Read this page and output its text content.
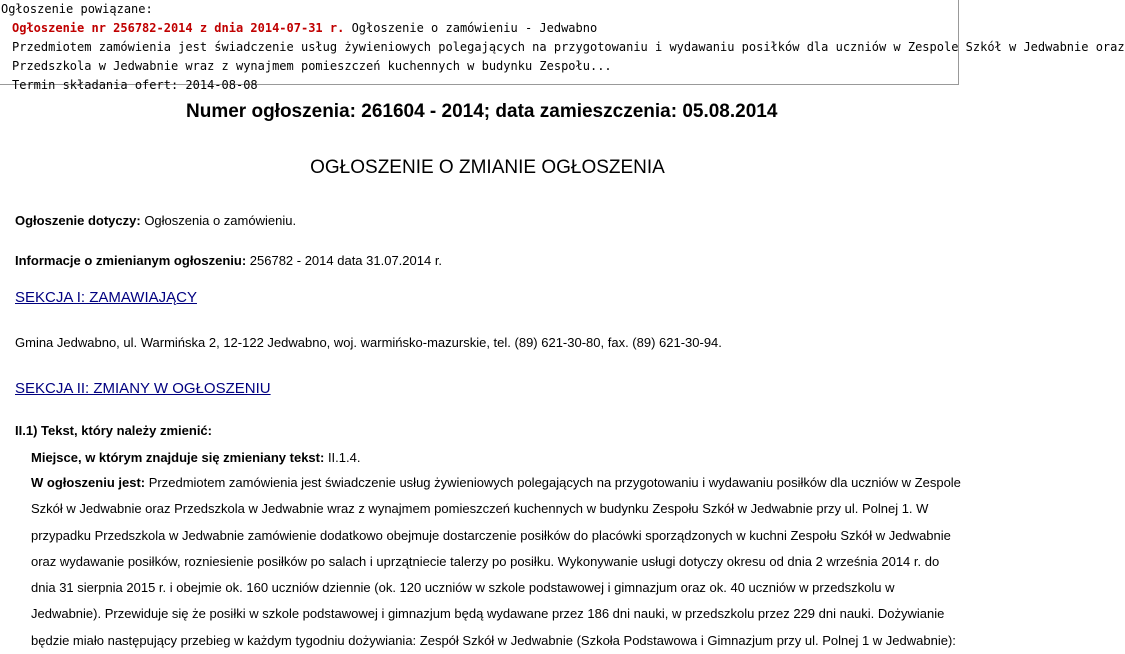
Ogłoszenie powiązane:
Ogłoszenie nr 256782-2014 z dnia 2014-07-31 r. Ogłoszenie o zamówieniu - Jedwabno
Przedmiotem zamówienia jest świadczenie usług żywieniowych polegających na przygotowaniu i wydawaniu posiłków dla uczniów w Zespole Szkół w Jedwabnie oraz
Przedszkola w Jedwabnie wraz z wynajmem pomieszczeń kuchennych w budynku Zespołu...
Termin składania ofert: 2014-08-08
Numer ogłoszenia: 261604 - 2014; data zamieszczenia: 05.08.2014
OGŁOSZENIE O ZMIANIE OGŁOSZENIA
Ogłoszenie dotyczy: Ogłoszenia o zamówieniu.
Informacje o zmienianym ogłoszeniu: 256782 - 2014 data 31.07.2014 r.
SEKCJA I: ZAMAWIAJĄCY
Gmina Jedwabno, ul. Warmińska 2, 12-122 Jedwabno, woj. warmińsko-mazurskie, tel. (89) 621-30-80, fax. (89) 621-30-94.
SEKCJA II: ZMIANY W OGŁOSZENIU
II.1) Tekst, który należy zmienić:
Miejsce, w którym znajduje się zmieniany tekst: II.1.4.
W ogłoszeniu jest: Przedmiotem zamówienia jest świadczenie usług żywieniowych polegających na przygotowaniu i wydawaniu posiłków dla uczniów w Zespole Szkół w Jedwabnie oraz Przedszkola w Jedwabnie wraz z wynajmem pomieszczeń kuchennych w budynku Zespołu Szkół w Jedwabnie przy ul. Polnej 1. W przypadku Przedszkola w Jedwabnie zamówienie dodatkowo obejmuje dostarczenie posiłków do placówki sporządzonych w kuchni Zespołu Szkół w Jedwabnie oraz wydawanie posiłków, rozniesienie posiłków po salach i uprzątniecie talerzy po posiłku. Wykonywanie usługi dotyczy okresu od dnia 2 września 2014 r. do dnia 31 sierpnia 2015 r. i obejmie ok. 160 uczniów dziennie (ok. 120 uczniów w szkole podstawowej i gimnazjum oraz ok. 40 uczniów w przedszkolu w Jedwabnie). Przewiduje się że posiłki w szkole podstawowej i gimnazjum będą wydawane przez 186 dni nauki, w przedszkolu przez 229 dni nauki. Dożywianie będzie miało następujący przebieg w każdym tygodniu dożywiania: Zespół Szkół w Jedwabnie (Szkoła Podstawowa i Gimnazjum przy ul. Polnej 1 w Jedwabnie):
